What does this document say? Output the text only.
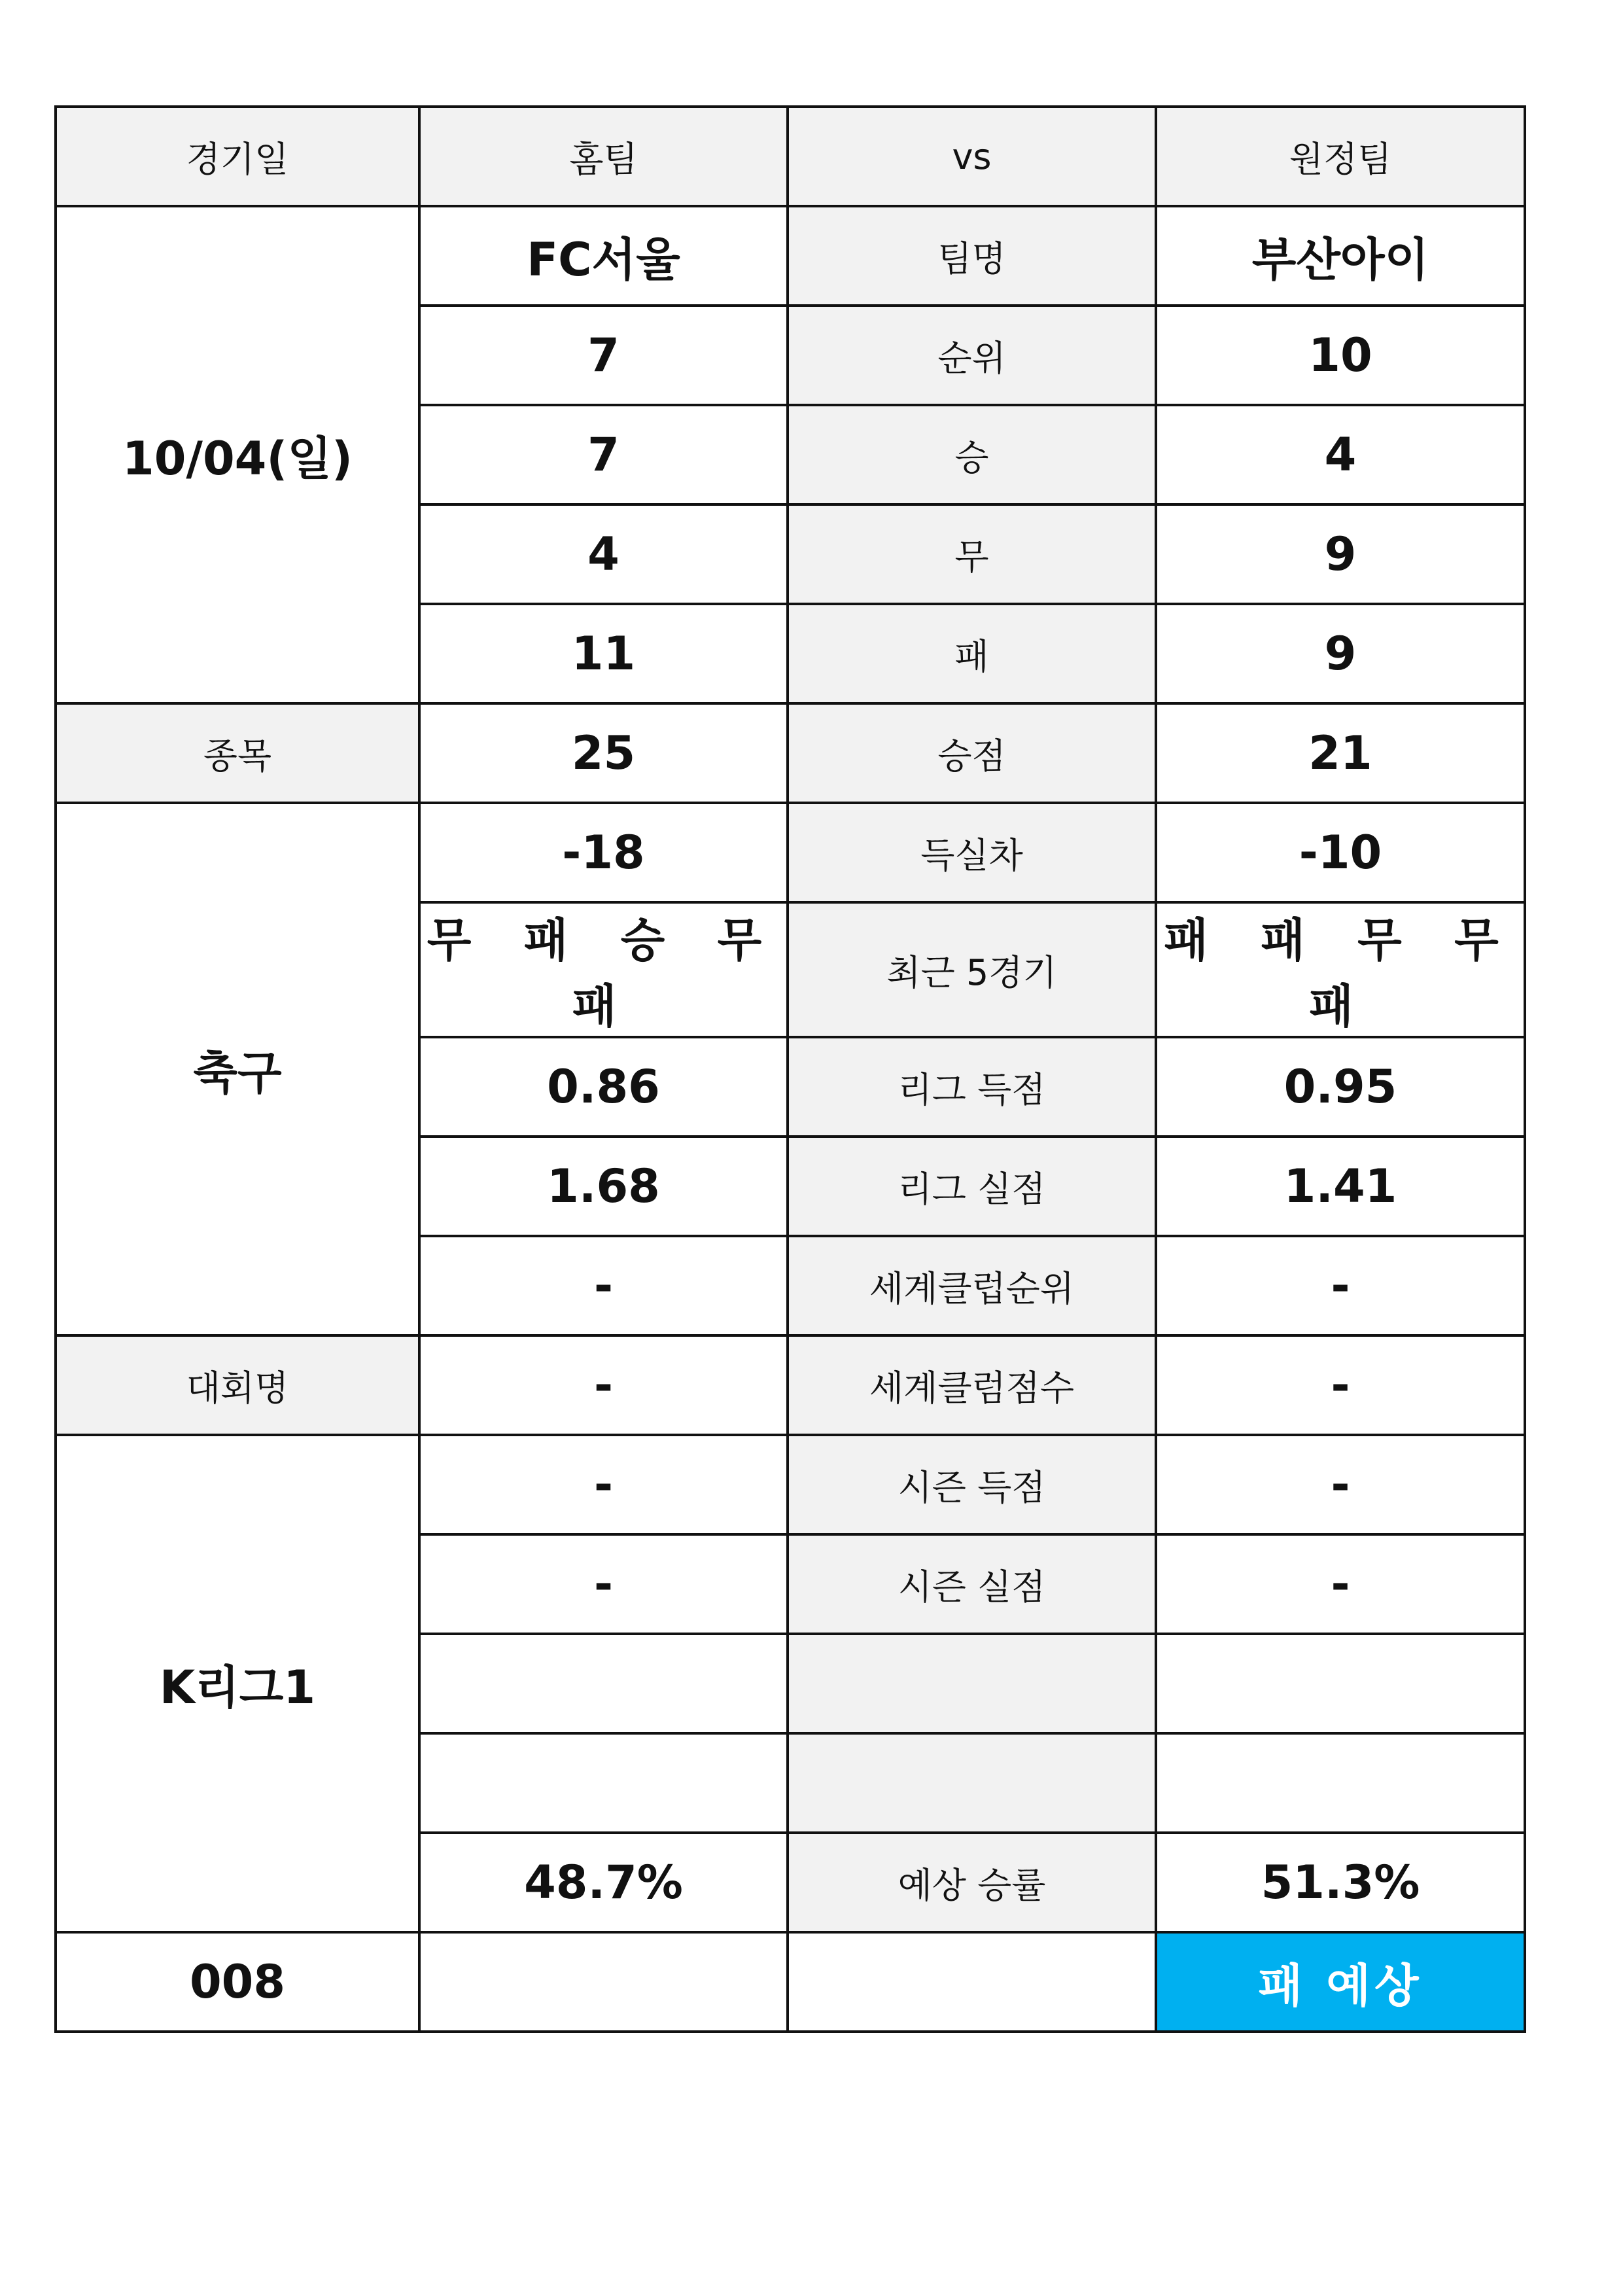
경기일	홈팀	vs	원정팀
10/04(일)	FC서울	팀명	부산아이
	7	순위	10
	7	승	4
	4	무	9
	11	패	9
종목	25	승점	21
축구	-18	득실차	-10
	무 패 승 무 패	최근 5경기	패 패 무 무 패
	0.86	리그 득점	0.95
	1.68	리그 실점	1.41
	-	세계클럽순위	-
대회명	-	세계클럼점수	-
K리그1	-	시즌 득점	-
	-	시즌 실점	-

	48.7%	예상 승률	51.3%
008			패 예상
